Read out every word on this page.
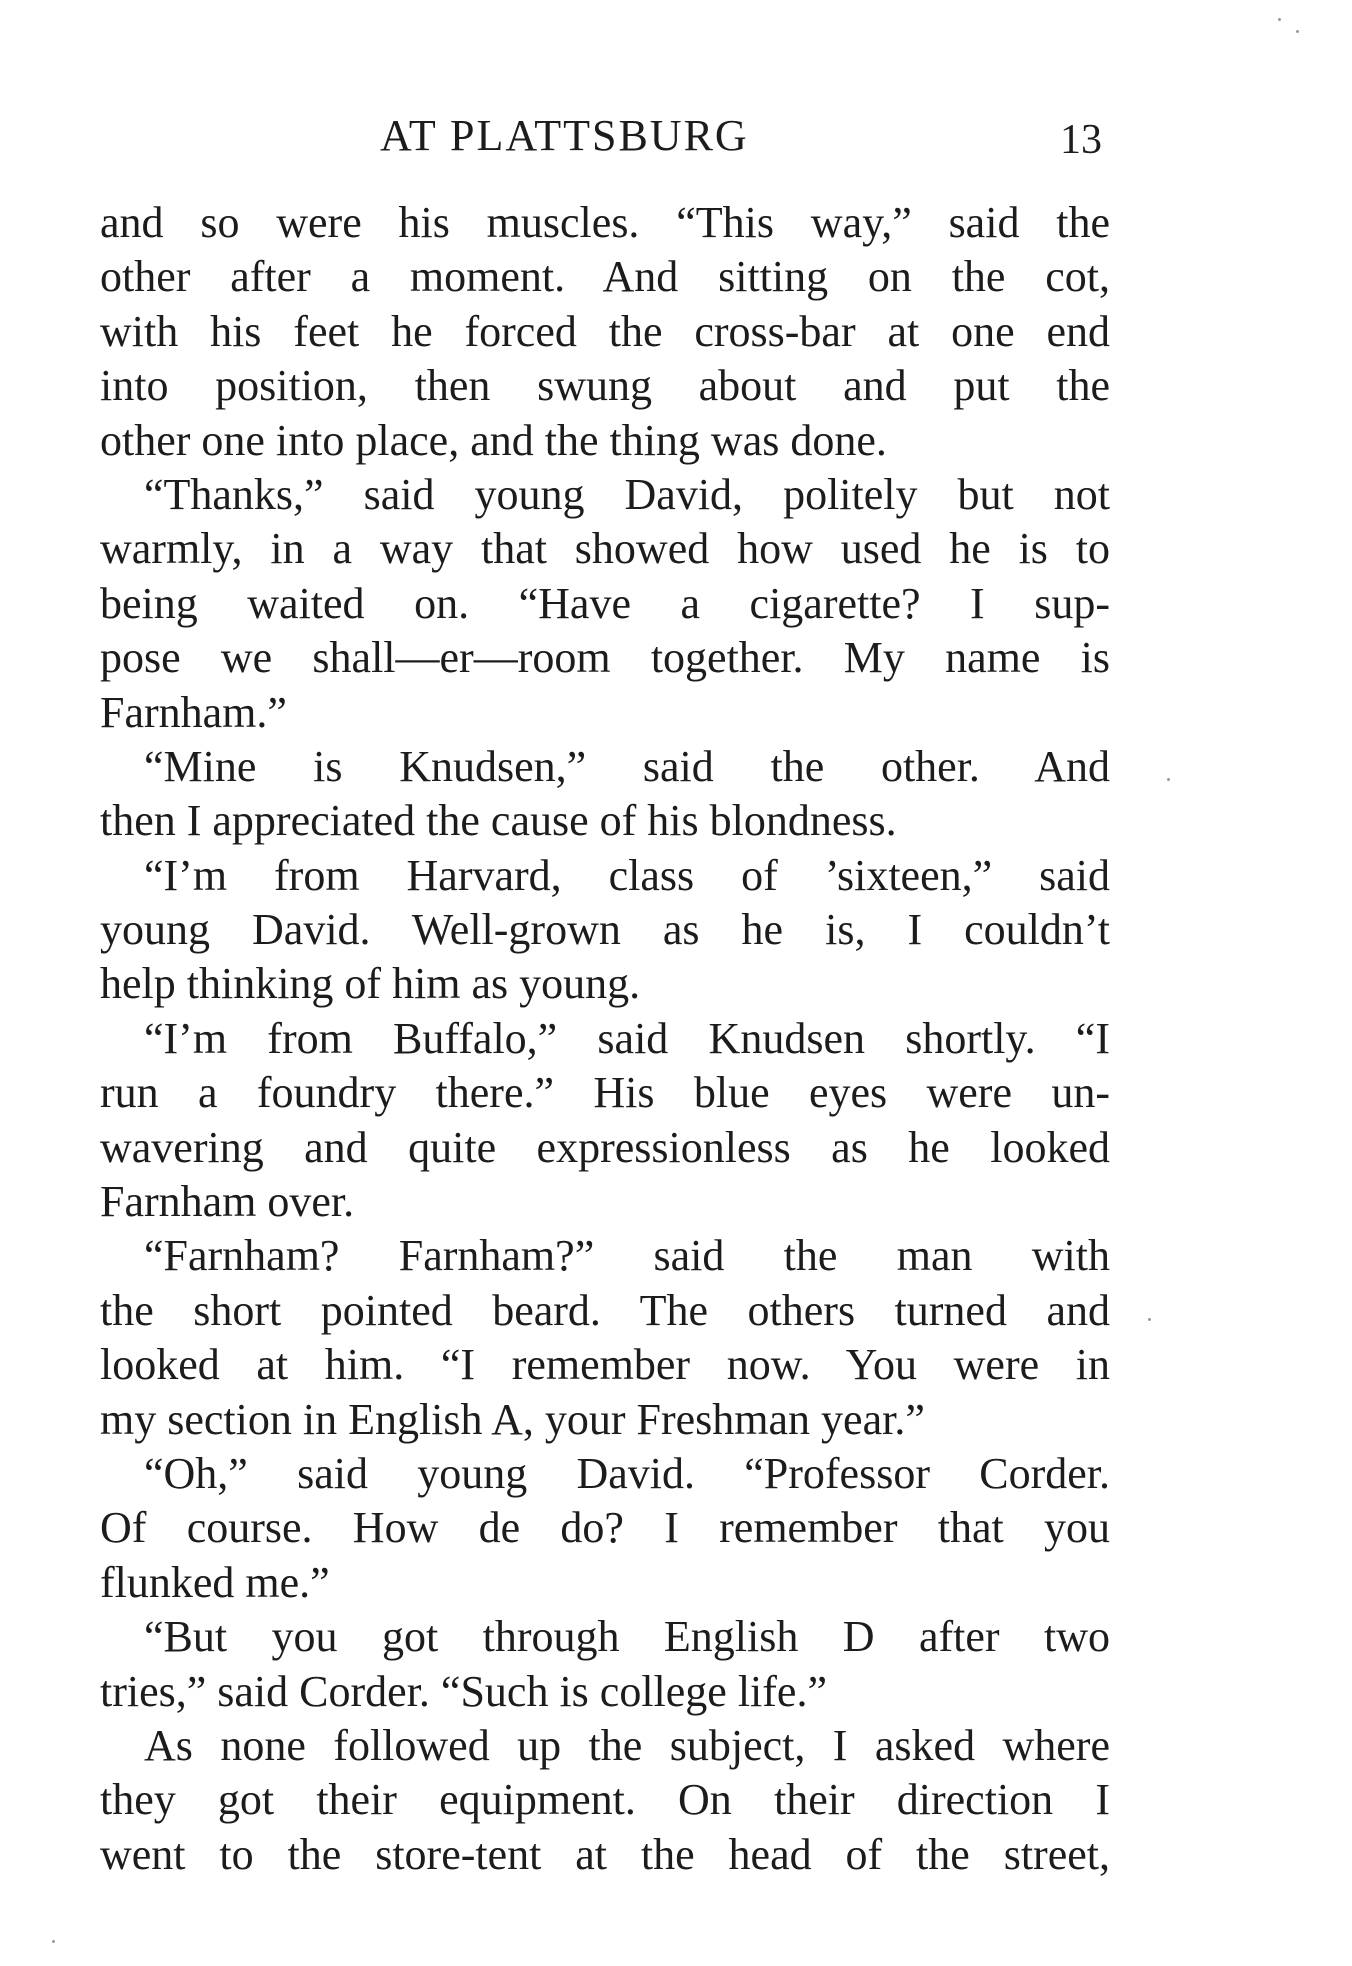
AT PLATTSBURG	13
and so were his muscles. “This way,” said the
other after a moment. And sitting on the cot,
with his feet he forced the cross-bar at one end
into position, then swung about and put the
other one into place, and the thing was done.
“Thanks,” said young David, politely but not
warmly, in a way that showed how used he is to
being waited on. “Have a cigarette? I sup-
pose we shall—er—room together. My name is
Farnham.”
“Mine is Knudsen,” said the other. And
then I appreciated the cause of his blondness.
“I’m from Harvard, class of ’sixteen,” said
young David. Well-grown as he is, I couldn’t
help thinking of him as young.
“I’m from Buffalo,” said Knudsen shortly. “I
run a foundry there.” His blue eyes were un-
wavering and quite expressionless as he looked
Farnham over.
“Farnham? Farnham?” said the man with
the short pointed beard. The others turned and
looked at him. “I remember now. You were in
my section in English A, your Freshman year.”
“Oh,” said young David. “Professor Corder.
Of course. How de do? I remember that you
flunked me.”
“But you got through English D after two
tries,” said Corder. “Such is college life.”
As none followed up the subject, I asked where
they got their equipment. On their direction I
went to the store-tent at the head of the street,
